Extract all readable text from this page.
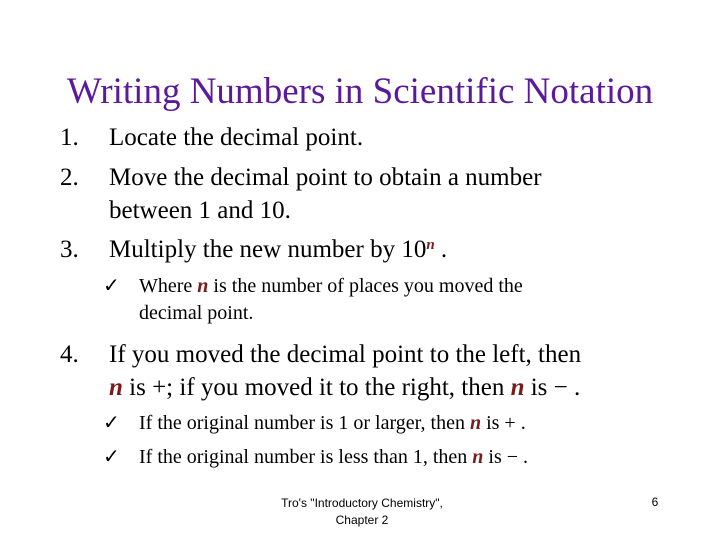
Writing Numbers in Scientific Notation
1. Locate the decimal point.
2. Move the decimal point to obtain a number
between 1 and 10.
3. Multiply the new number by 10$^n$ .
✓ Where n is the number of places you moved the
decimal point.
4. If you moved the decimal point to the left, then
n is +; if you moved it to the right, then n is − .
✓ If the original number is 1 or larger, then n is + .
✓ If the original number is less than 1, then n is − .
Tro's "Introductory Chemistry",
Chapter 2
6
